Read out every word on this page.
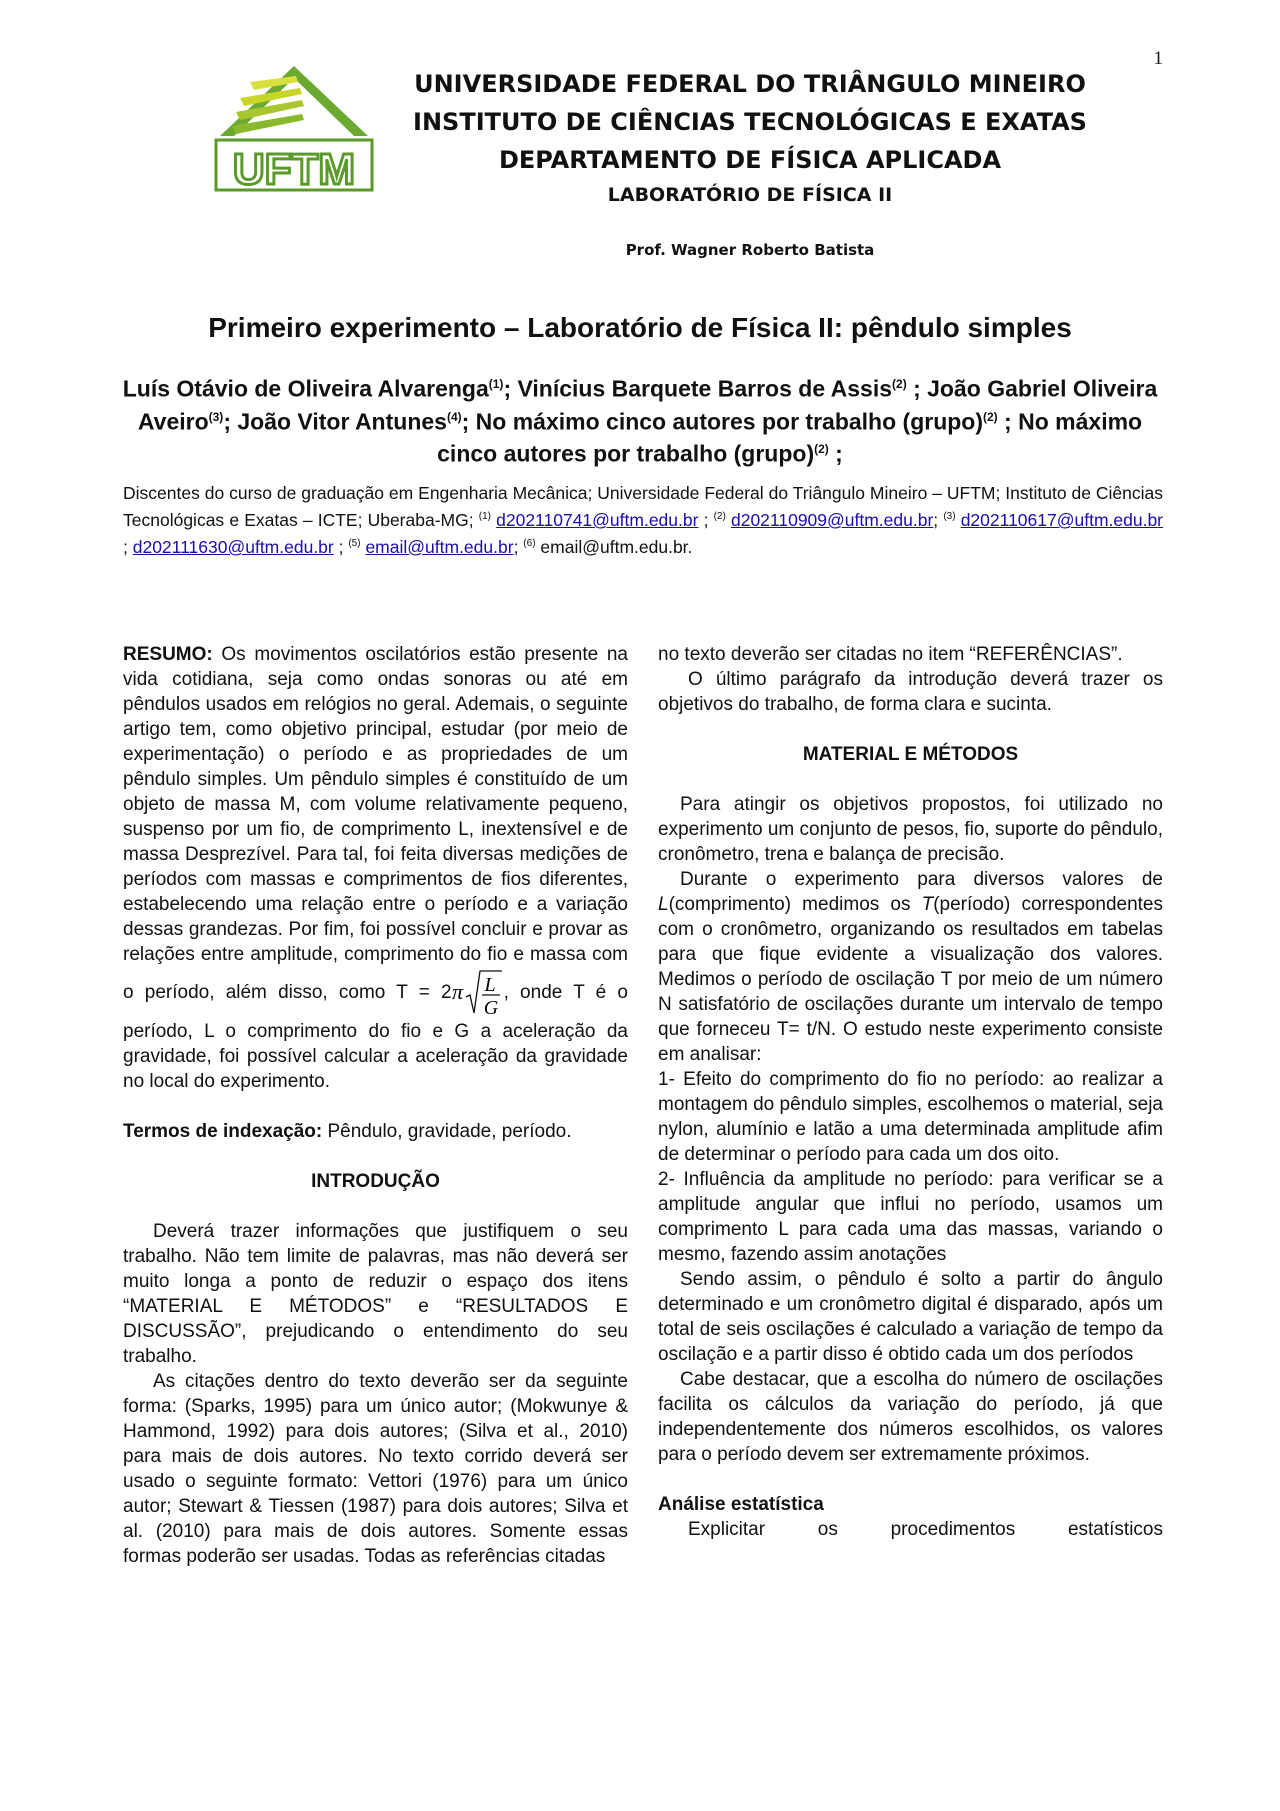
1
UFTM
UNIVERSIDADE FEDERAL DO TRIÂNGULO MINEIRO
INSTITUTO DE CIÊNCIAS TECNOLÓGICAS E EXATAS
DEPARTAMENTO DE FÍSICA APLICADA
LABORATÓRIO DE FÍSICA II
Prof. Wagner Roberto Batista
Primeiro experimento – Laboratório de Física II: pêndulo simples
Luís Otávio de Oliveira Alvarenga$^{(1)}$; Vinícius Barquete Barros de Assis$^{(2)}$ ; João Gabriel Oliveira Aveiro$^{(3)}$; João Vitor Antunes$^{(4)}$; No máximo cinco autores por trabalho (grupo)$^{(2)}$ ; No máximo cinco autores por trabalho (grupo)$^{(2)}$ ;
Discentes do curso de graduação em Engenharia Mecânica; Universidade Federal do Triângulo Mineiro – UFTM; Instituto de Ciências Tecnológicas e Exatas – ICTE; Uberaba-MG; $^{(1)}$ d202110741@uftm.edu.br ; $^{(2)}$ d202110909@uftm.edu.br; $^{(3)}$ d202110617@uftm.edu.br ; d202111630@uftm.edu.br ; $^{(5)}$ email@uftm.edu.br; $^{(6)}$ email@uftm.edu.br.

RESUMO: Os movimentos oscilatórios estão presente na vida cotidiana, seja como ondas sonoras ou até em pêndulos usados em relógios no geral. Ademais, o seguinte artigo tem, como objetivo principal, estudar (por meio de experimentação) o período e as propriedades de um pêndulo simples. Um pêndulo simples é constituído de um objeto de massa M, com volume relativamente pequeno, suspenso por um fio, de comprimento L, inextensível e de massa Desprezível. Para tal, foi feita diversas medições de períodos com massas e comprimentos de fios diferentes, estabelecendo uma relação entre o período e a variação dessas grandezas. Por fim, foi possível concluir e provar as relações entre amplitude, comprimento do fio e massa com o período, além disso, como T = 2 π L
G
, onde T é o período, L o comprimento do fio e G a aceleração da gravidade, foi possível calcular a aceleração da gravidade no local do experimento.

Termos de indexação: Pêndulo, gravidade, período.

INTRODUÇÃO

Deverá trazer informações que justifiquem o seu trabalho. Não tem limite de palavras, mas não deverá ser muito longa a ponto de reduzir o espaço dos itens “MATERIAL E MÉTODOS” e “RESULTADOS E DISCUSSÃO”, prejudicando o entendimento do seu trabalho.

As citações dentro do texto deverão ser da seguinte forma: (Sparks, 1995) para um único autor; (Mokwunye & Hammond, 1992) para dois autores; (Silva et al., 2010) para mais de dois autores. No texto corrido deverá ser usado o seguinte formato: Vettori (1976) para um único autor; Stewart & Tiessen (1987) para dois autores; Silva et al. (2010) para mais de dois autores. Somente essas formas poderão ser usadas. Todas as referências citadas

no texto deverão ser citadas no item “REFERÊNCIAS”.

O último parágrafo da introdução deverá trazer os objetivos do trabalho, de forma clara e sucinta.

MATERIAL E MÉTODOS

Para atingir os objetivos propostos, foi utilizado no experimento um conjunto de pesos, fio, suporte do pêndulo, cronômetro, trena e balança de precisão.

Durante o experimento para diversos valores de L(comprimento) medimos os T(período) correspondentes com o cronômetro, organizando os resultados em tabelas para que fique evidente a visualização dos valores. Medimos o período de oscilação T por meio de um número N satisfatório de oscilações durante um intervalo de tempo que forneceu T= t/N. O estudo neste experimento consiste em analisar:

1- Efeito do comprimento do fio no período: ao realizar a montagem do pêndulo simples, escolhemos o material, seja nylon, alumínio e latão a uma determinada amplitude afim de determinar o período para cada um dos oito.

2- Influência da amplitude no período: para verificar se a amplitude angular que influi no período, usamos um comprimento L para cada uma das massas, variando o mesmo, fazendo assim anotações

Sendo assim, o pêndulo é solto a partir do ângulo determinado e um cronômetro digital é disparado, após um total de seis oscilações é calculado a variação de tempo da oscilação e a partir disso é obtido cada um dos períodos

Cabe destacar, que a escolha do número de oscilações facilita os cálculos da variação do período, já que independentemente dos números escolhidos, os valores para o período devem ser extremamente próximos.

Análise estatística

Explicitar os procedimentos estatísticos
